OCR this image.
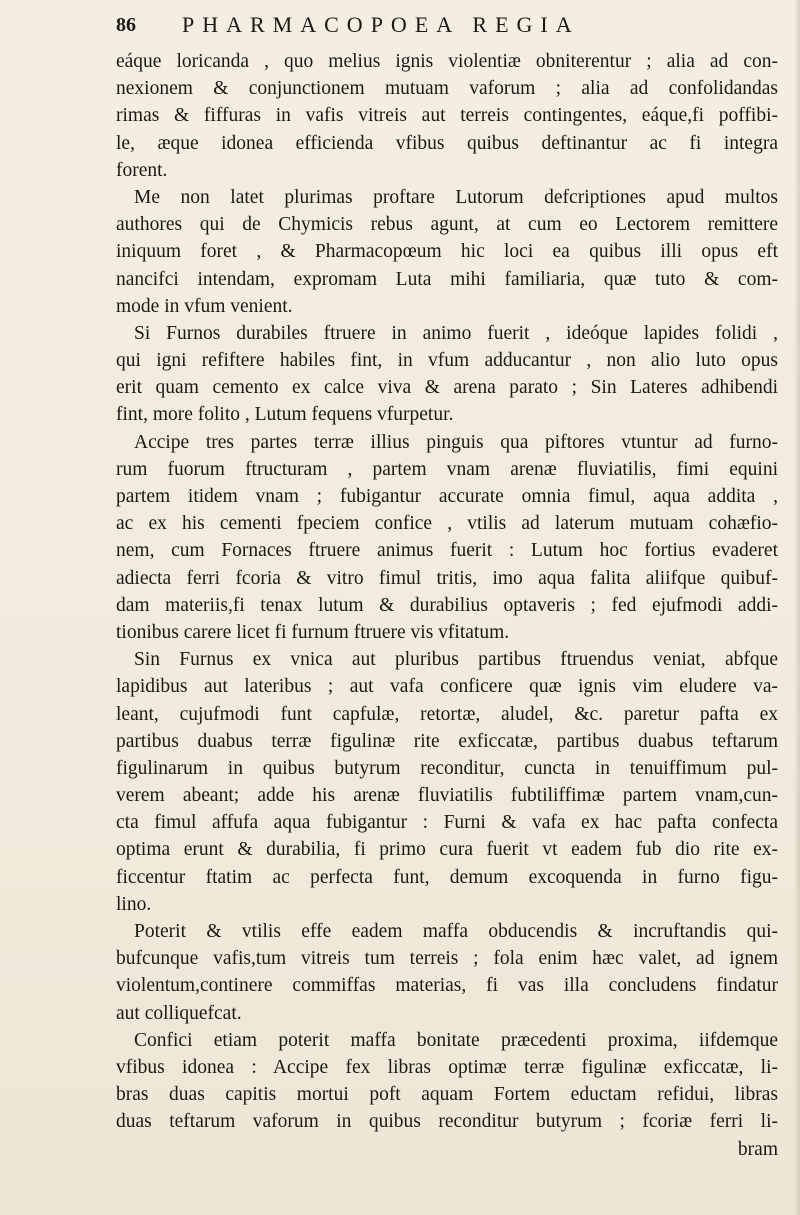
86 PHARMACOPOEA REGIA
eáque loricanda , quo melius ignis violentiæ obniterentur ; alia ad con-
nexionem & conjunctionem mutuam vaforum ; alia ad confolidandas
rimas & fiffuras in vafis vitreis aut terreis contingentes, eáque,fi poffibi-
le, æque idonea efficienda vfibus quibus deftinantur ac fi integra
forent.
Me non latet plurimas proftare Lutorum defcriptiones apud multos
authores qui de Chymicis rebus agunt, at cum eo Lectorem remittere
iniquum foret , & Pharmacopœum hic loci ea quibus illi opus eft
nancifci intendam, expromam Luta mihi familiaria, quæ tuto & com-
mode in vfum venient.
Si Furnos durabiles ftruere in animo fuerit , ideóque lapides folidi ,
qui igni refiftere habiles fint, in vfum adducantur , non alio luto opus
erit quam cemento ex calce viva & arena parato ; Sin Lateres adhibendi
fint, more folito , Lutum fequens vfurpetur.
Accipe tres partes terræ illius pinguis qua piftores vtuntur ad furno-
rum fuorum ftructuram , partem vnam arenæ fluviatilis, fimi equini
partem itidem vnam ; fubigantur accurate omnia fimul, aqua addita ,
ac ex his cementi fpeciem confice , vtilis ad laterum mutuam cohæfio-
nem, cum Fornaces ftruere animus fuerit : Lutum hoc fortius evaderet
adiecta ferri fcoria & vitro fimul tritis, imo aqua falita aliifque quibuf-
dam materiis,fi tenax lutum & durabilius optaveris ; fed ejufmodi addi-
tionibus carere licet fi furnum ftruere vis vfitatum.
Sin Furnus ex vnica aut pluribus partibus ftruendus veniat, abfque
lapidibus aut lateribus ; aut vafa conficere quæ ignis vim eludere va-
leant, cujufmodi funt capfulæ, retortæ, aludel, &c. paretur pafta ex
partibus duabus terræ figulinæ rite exficcatæ, partibus duabus teftarum
figulinarum in quibus butyrum reconditur, cuncta in tenuiffimum pul-
verem abeant; adde his arenæ fluviatilis fubtiliffimæ partem vnam,cun-
cta fimul affufa aqua fubigantur : Furni & vafa ex hac pafta confecta
optima erunt & durabilia, fi primo cura fuerit vt eadem fub dio rite ex-
ficcentur ftatim ac perfecta funt, demum excoquenda in furno figu-
lino.
Poterit & vtilis effe eadem maffa obducendis & incruftandis qui-
bufcunque vafis,tum vitreis tum terreis ; fola enim hæc valet, ad ignem
violentum,continere commiffas materias, fi vas illa concludens findatur
aut colliquefcat.
Confici etiam poterit maffa bonitate præcedenti proxima, iifdemque
vfibus idonea : Accipe fex libras optimæ terræ figulinæ exficcatæ, li-
bras duas capitis mortui poft aquam Fortem eductam refidui, libras
duas teftarum vaforum in quibus reconditur butyrum ; fcoriæ ferri li-
bram
